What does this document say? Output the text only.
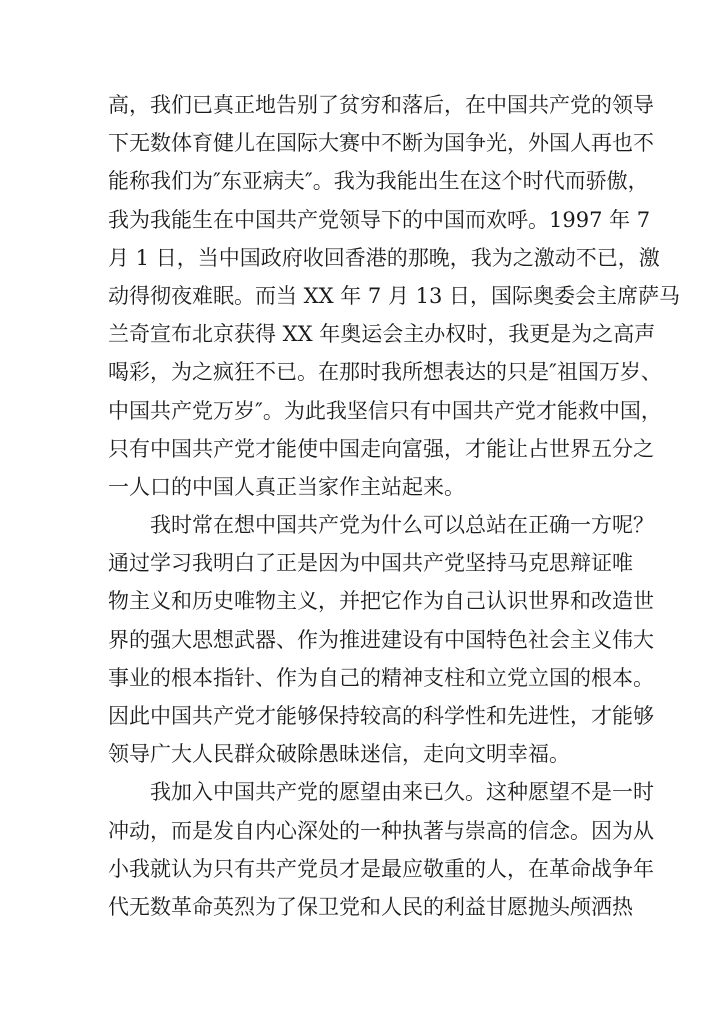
高，我们已真正地告别了贫穷和落后，在中国共产党的领导
下无数体育健儿在国际大赛中不断为国争光，外国人再也不
能称我们为″东亚病夫″。我为我能出生在这个时代而骄傲，
我为我能生在中国共产党领导下的中国而欢呼。1997 年 7
月 1 日，当中国政府收回香港的那晚，我为之激动不已，激
动得彻夜难眠。而当 XX 年 7 月 13 日，国际奥委会主席萨马
兰奇宣布北京获得 XX 年奥运会主办权时，我更是为之高声
喝彩，为之疯狂不已。在那时我所想表达的只是″祖国万岁、
中国共产党万岁″。为此我坚信只有中国共产党才能救中国，
只有中国共产党才能使中国走向富强，才能让占世界五分之
一人口的中国人真正当家作主站起来。
我时常在想中国共产党为什么可以总站在正确一方呢？
通过学习我明白了正是因为中国共产党坚持马克思辩证唯
物主义和历史唯物主义，并把它作为自己认识世界和改造世
界的强大思想武器、作为推进建设有中国特色社会主义伟大
事业的根本指针、作为自己的精神支柱和立党立国的根本。
因此中国共产党才能够保持较高的科学性和先进性，才能够
领导广大人民群众破除愚昧迷信，走向文明幸福。
我加入中国共产党的愿望由来已久。这种愿望不是一时
冲动，而是发自内心深处的一种执著与崇高的信念。因为从
小我就认为只有共产党员才是最应敬重的人，在革命战争年
代无数革命英烈为了保卫党和人民的利益甘愿抛头颅洒热
